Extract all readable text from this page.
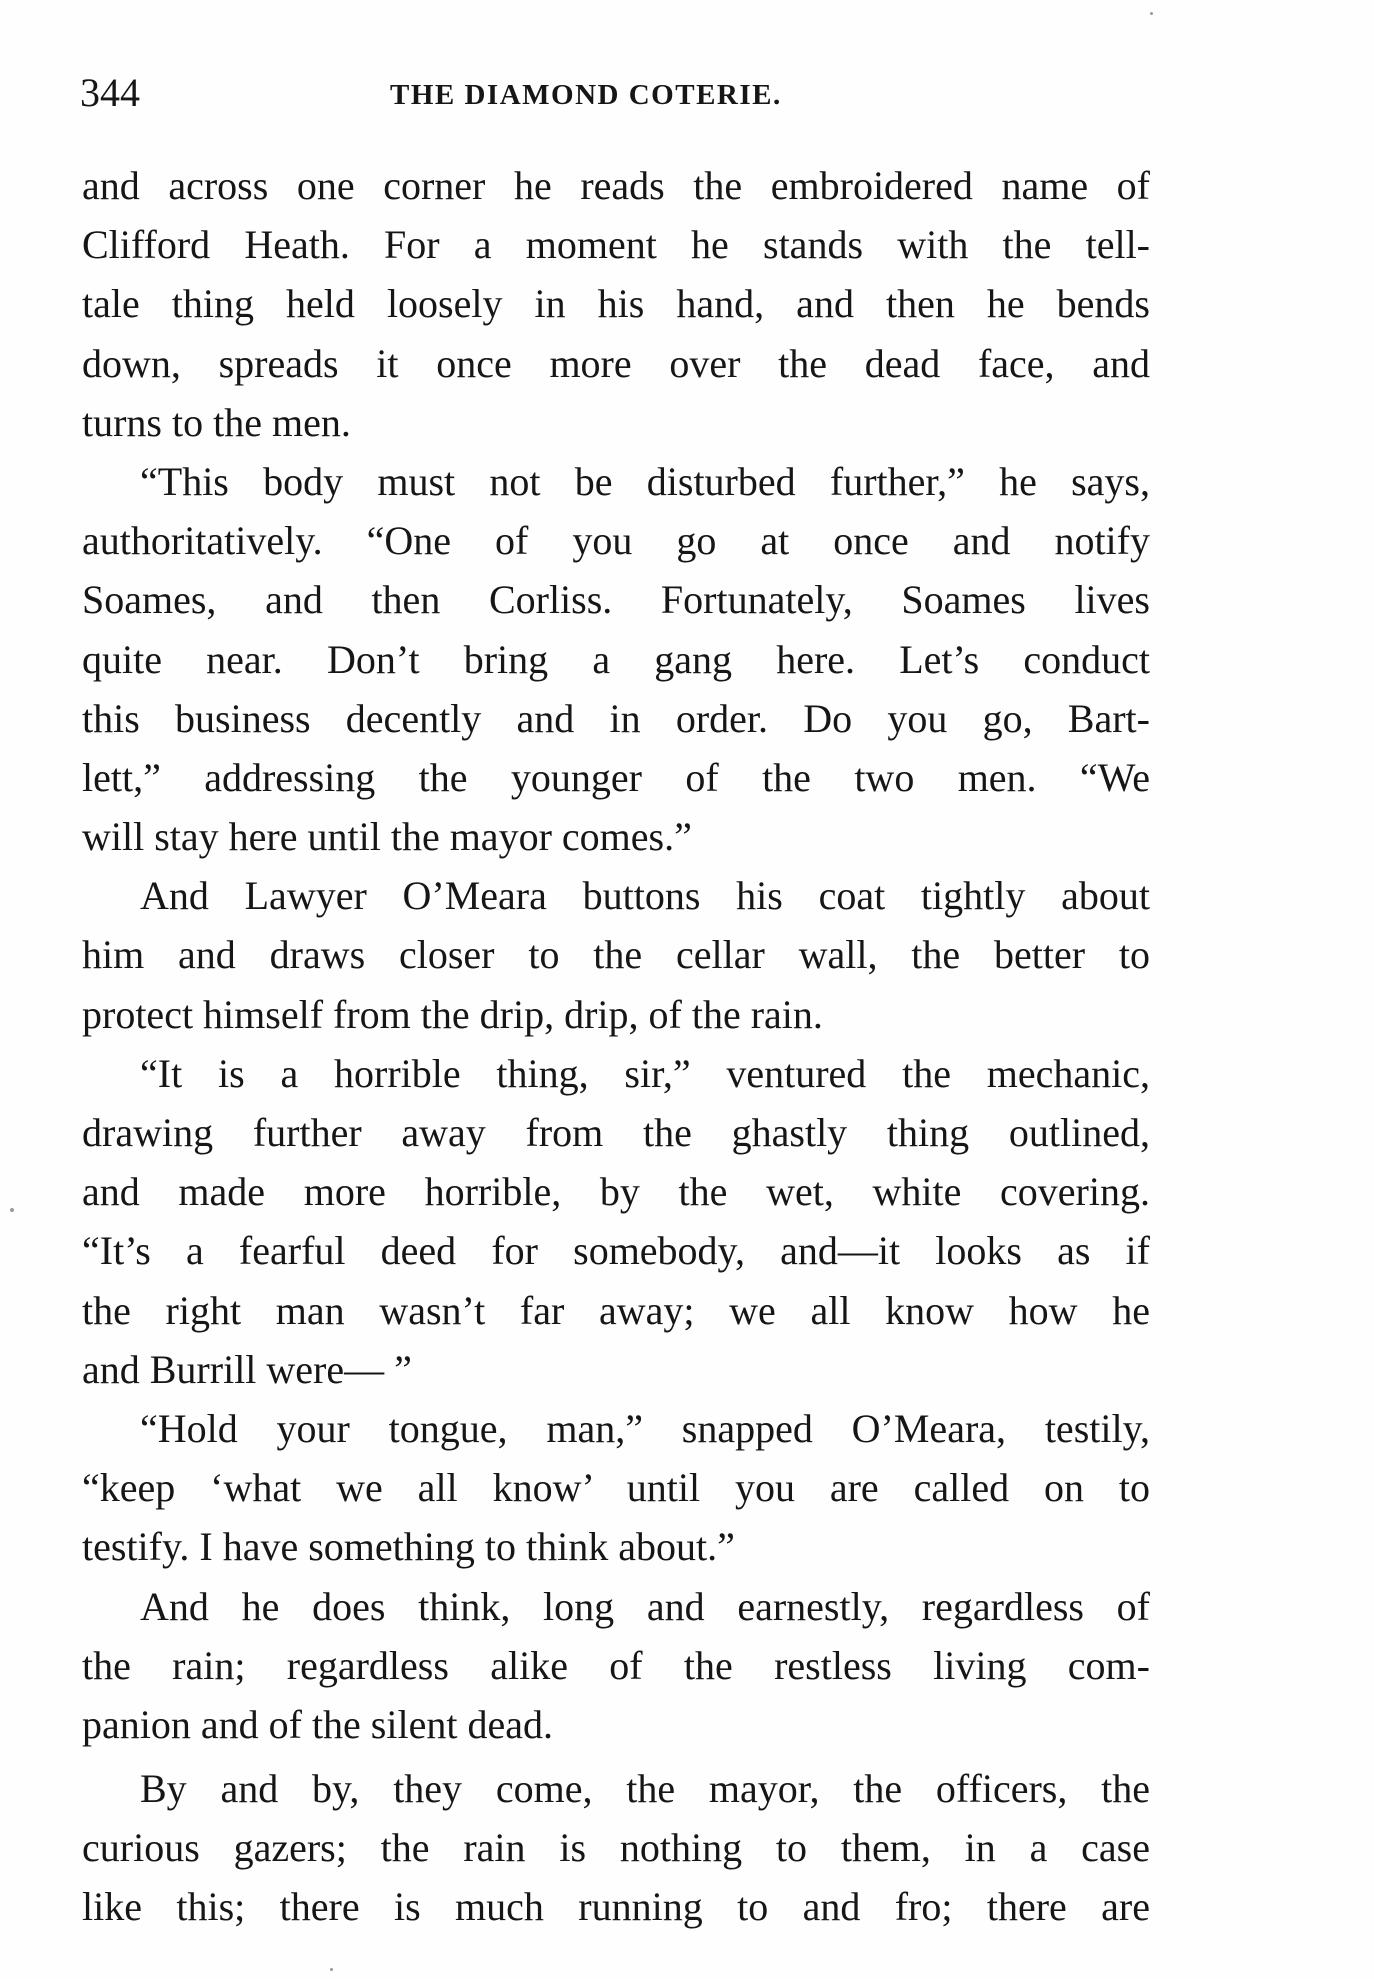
344	THE DIAMOND COTERIE.
and across one corner he reads the embroidered name of
Clifford Heath. For a moment he stands with the tell-
tale thing held loosely in his hand, and then he bends
down, spreads it once more over the dead face, and
turns to the men.
“This body must not be disturbed further,” he says,
authoritatively. “One of you go at once and notify
Soames, and then Corliss. Fortunately, Soames lives
quite near. Don’t bring a gang here. Let’s conduct
this business decently and in order. Do you go, Bart-
lett,” addressing the younger of the two men. “We
will stay here until the mayor comes.”
And Lawyer O’Meara buttons his coat tightly about
him and draws closer to the cellar wall, the better to
protect himself from the drip, drip, of the rain.
“It is a horrible thing, sir,” ventured the mechanic,
drawing further away from the ghastly thing outlined,
and made more horrible, by the wet, white covering.
“It’s a fearful deed for somebody, and—it looks as if
the right man wasn’t far away; we all know how he
and Burrill were— ”
“Hold your tongue, man,” snapped O’Meara, testily,
“keep ‘what we all know’ until you are called on to
testify. I have something to think about.”
And he does think, long and earnestly, regardless of
the rain; regardless alike of the restless living com-
panion and of the silent dead.
By and by, they come, the mayor, the officers, the
curious gazers; the rain is nothing to them, in a case
like this; there is much running to and fro; there are
